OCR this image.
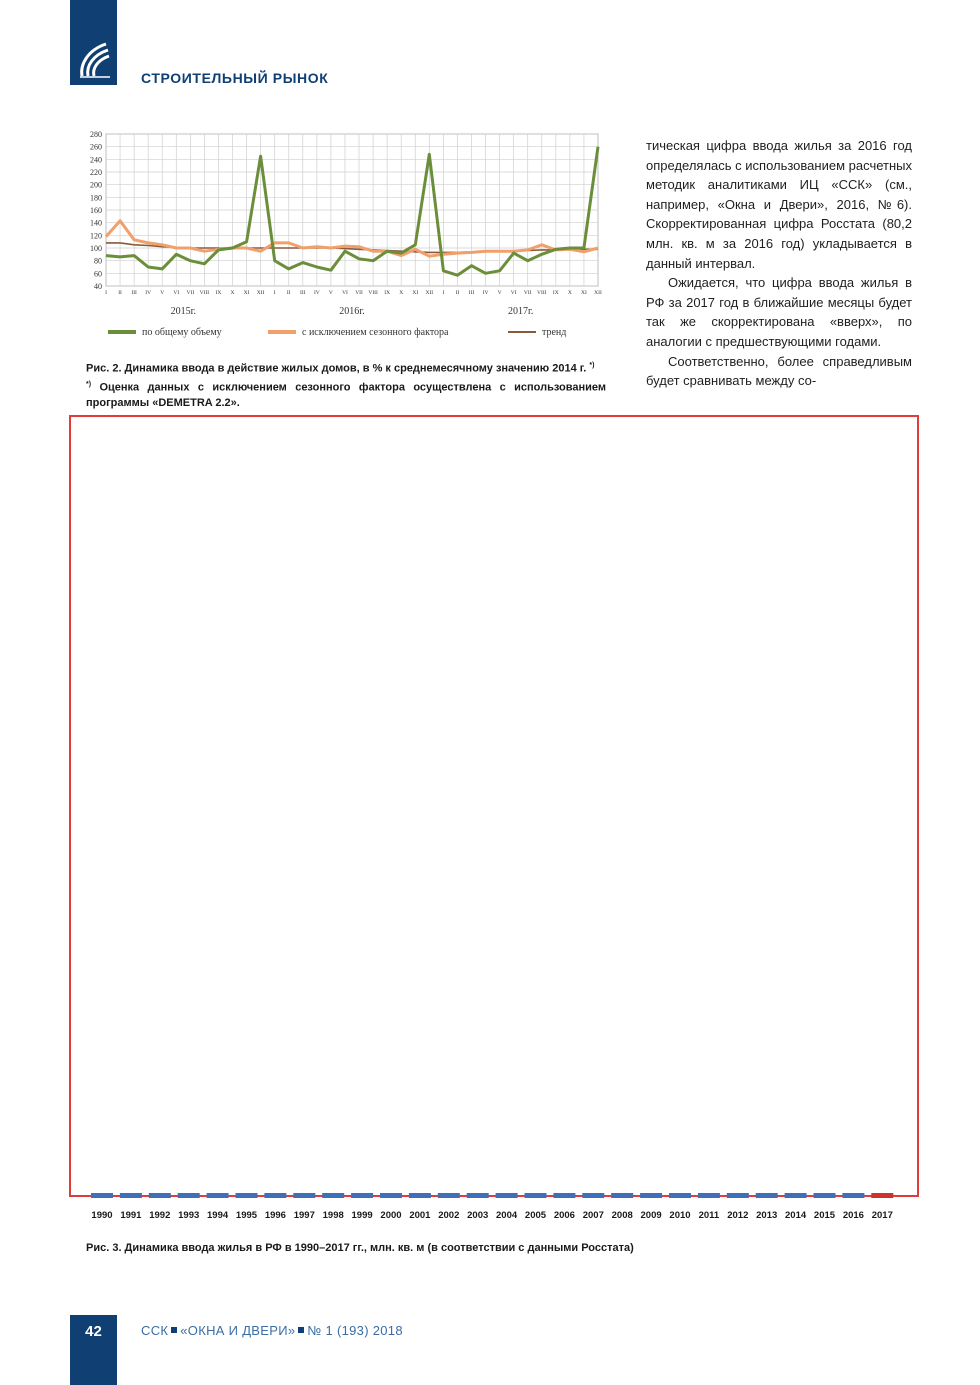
СТРОИТЕЛЬНЫЙ РЫНОК
280
260
240
220
200
180
160
140
120
100
80
60
40
I II III IV V VI VII VIII IX X XI XII I II III IV V VI VII VIII IX X XI XII I II III IV V VI VII VIII IX X XI XII
2015г.	2016г.	2017г.
по общему объему	с исключением сезонного фактора	тренд
Рис. 2. Динамика ввода в действие жилых домов, в % к среднемесячному значению 2014 г. *)
*) Оценка данных с исключением сезонного фактора осуществлена с использованием программы «DEMETRA 2.2».

тическая цифра ввода жилья за 2016 год определялась с использованием расчетных методик аналитиками ИЦ «ССК» (см., например, «Окна и Двери», 2016, №6). Скорректированная цифра Росстата (80,2 млн. кв. м за 2016 год) укладывается в данный интервал.

Ожидается, что цифра ввода жилья в РФ за 2017 год в ближайшие месяцы будет так же скорректирована «вверх», по аналогии с предшествующими годами.

Соответственно, более справедливым будет сравнивать между со-

1990 1991 1992 1993 1994 1995 1996 1997 1998 1999 2000 2001 2002 2003 2004 2005 2006 2007 2008 2009 2010 2011 2012 2013 2014 2015 2016 2017
Рис. 3. Динамика ввода жилья в РФ в 1990–2017 гг., млн. кв. м (в соответствии с данными Росстата)
42	ССК «ОКНА И ДВЕРИ» № 1 (193) 2018
